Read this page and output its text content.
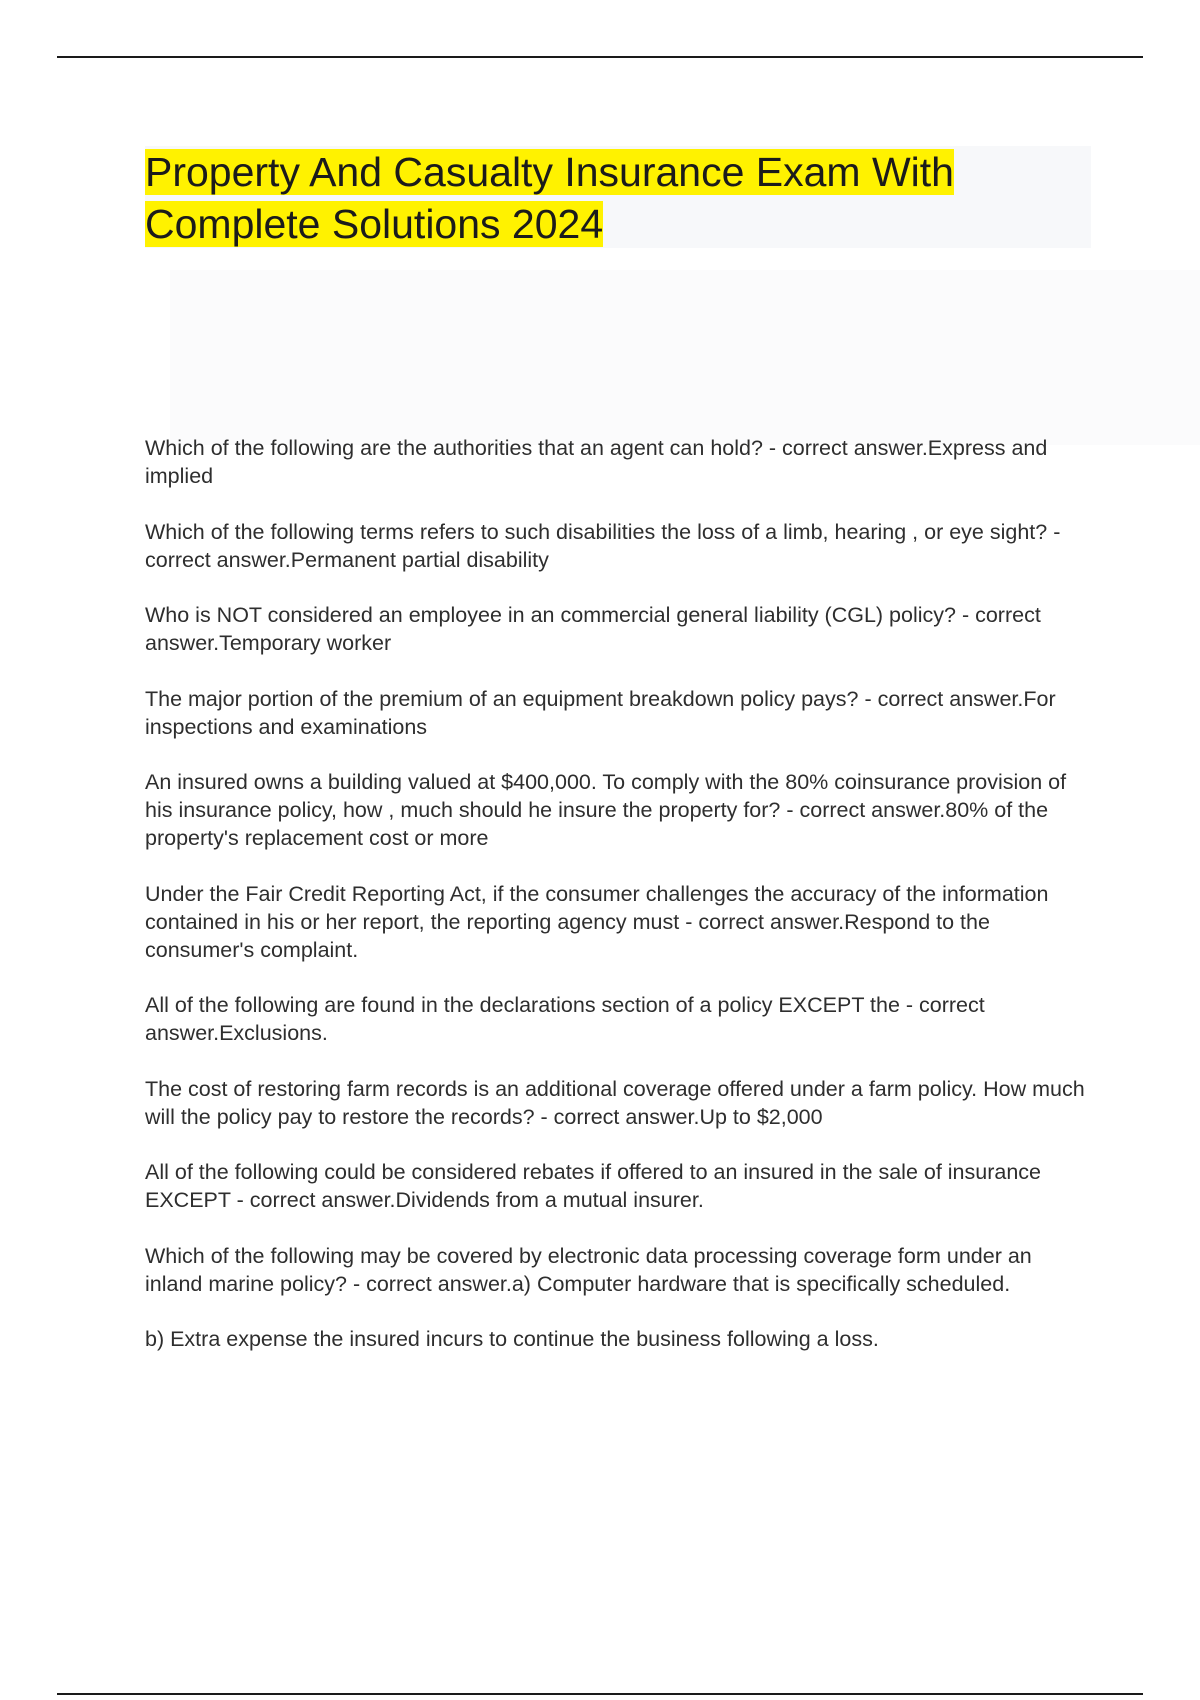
Property And Casualty Insurance Exam With Complete Solutions 2024

Which of the following are the authorities that an agent can hold? - correct answer.Express and implied

Which of the following terms refers to such disabilities the loss of a limb, hearing , or eye sight? - correct answer.Permanent partial disability

Who is NOT considered an employee in an commercial general liability (CGL) policy? - correct answer.Temporary worker

The major portion of the premium of an equipment breakdown policy pays? - correct answer.For inspections and examinations

An insured owns a building valued at $400,000. To comply with the 80% coinsurance provision of his insurance policy, how , much should he insure the property for? - correct answer.80% of the property's replacement cost or more

Under the Fair Credit Reporting Act, if the consumer challenges the accuracy of the information contained in his or her report, the reporting agency must - correct answer.Respond to the consumer's complaint.

All of the following are found in the declarations section of a policy EXCEPT the - correct answer.Exclusions.

The cost of restoring farm records is an additional coverage offered under a farm policy. How much will the policy pay to restore the records? - correct answer.Up to $2,000

All of the following could be considered rebates if offered to an insured in the sale of insurance EXCEPT - correct answer.Dividends from a mutual insurer.

Which of the following may be covered by electronic data processing coverage form under an inland marine policy? - correct answer.a) Computer hardware that is specifically scheduled.

b) Extra expense the insured incurs to continue the business following a loss.
